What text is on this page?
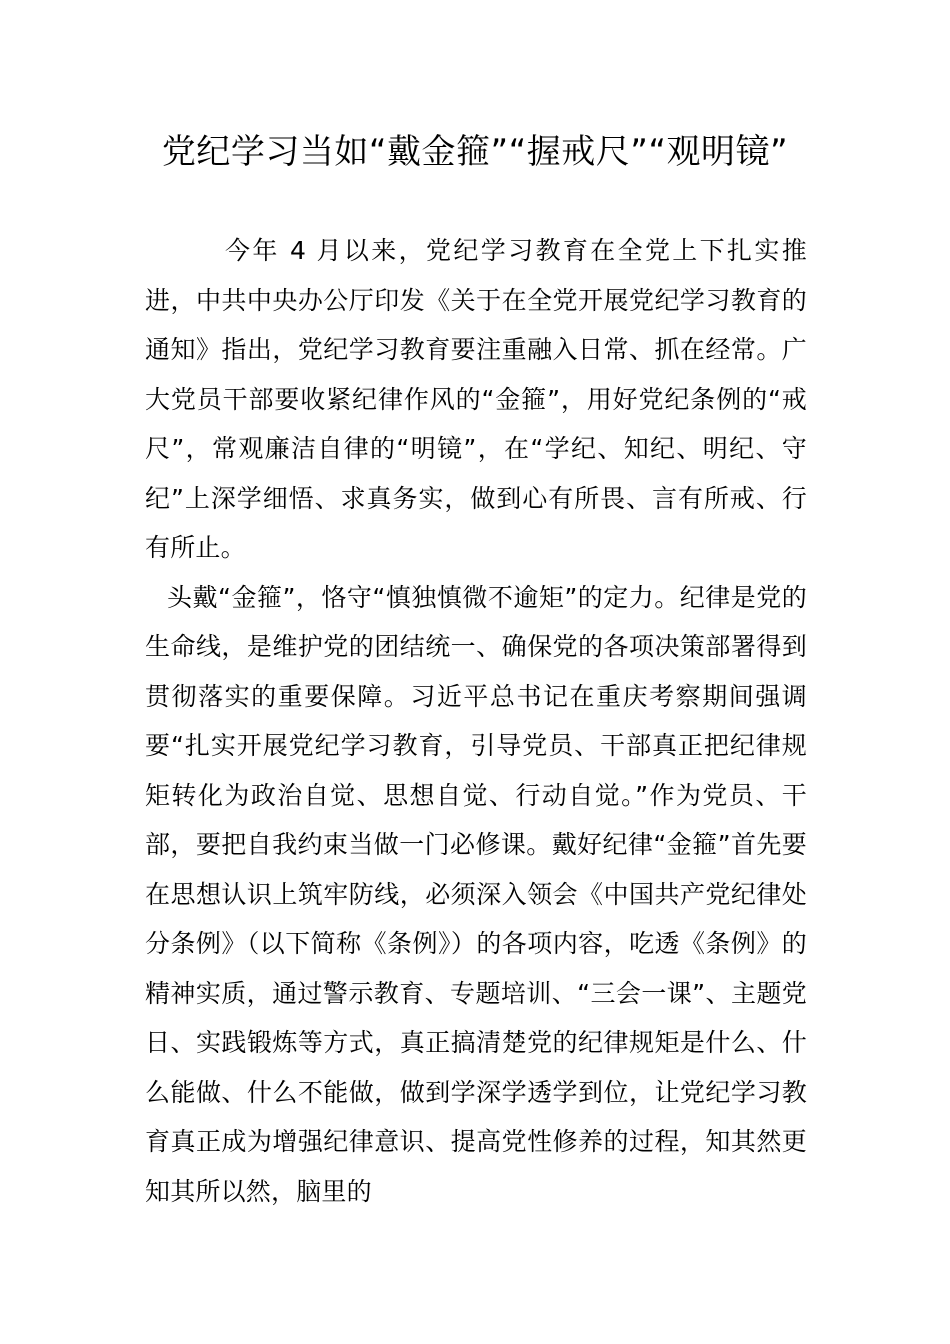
党纪学习当如“戴金箍”“握戒尺”“观明镜”

今年 4 月以来，党纪学习教育在全党上下扎实推进，中共中央办公厅印发《关于在全党开展党纪学习教育的通知》指出，党纪学习教育要注重融入日常、抓在经常。广大党员干部要收紧纪律作风的“金箍”，用好党纪条例的“戒尺”，常观廉洁自律的“明镜”，在“学纪、知纪、明纪、守纪”上深学细悟、求真务实，做到心有所畏、言有所戒、行有所止。

头戴“金箍”，恪守“慎独慎微不逾矩”的定力。纪律是党的生命线，是维护党的团结统一、确保党的各项决策部署得到贯彻落实的重要保障。习近平总书记在重庆考察期间强调要“扎实开展党纪学习教育，引导党员、干部真正把纪律规矩转化为政治自觉、思想自觉、行动自觉。”作为党员、干部，要把自我约束当做一门必修课。戴好纪律“金箍”首先要在思想认识上筑牢防线，必须深入领会《中国共产党纪律处分条例》（以下简称《条例》）的各项内容，吃透《条例》的精神实质，通过警示教育、专题培训、“三会一课”、主题党日、实践锻炼等方式，真正搞清楚党的纪律规矩是什么、什么能做、什么不能做，做到学深学透学到位，让党纪学习教育真正成为增强纪律意识、提高党性修养的过程，知其然更知其所以然，脑里的
